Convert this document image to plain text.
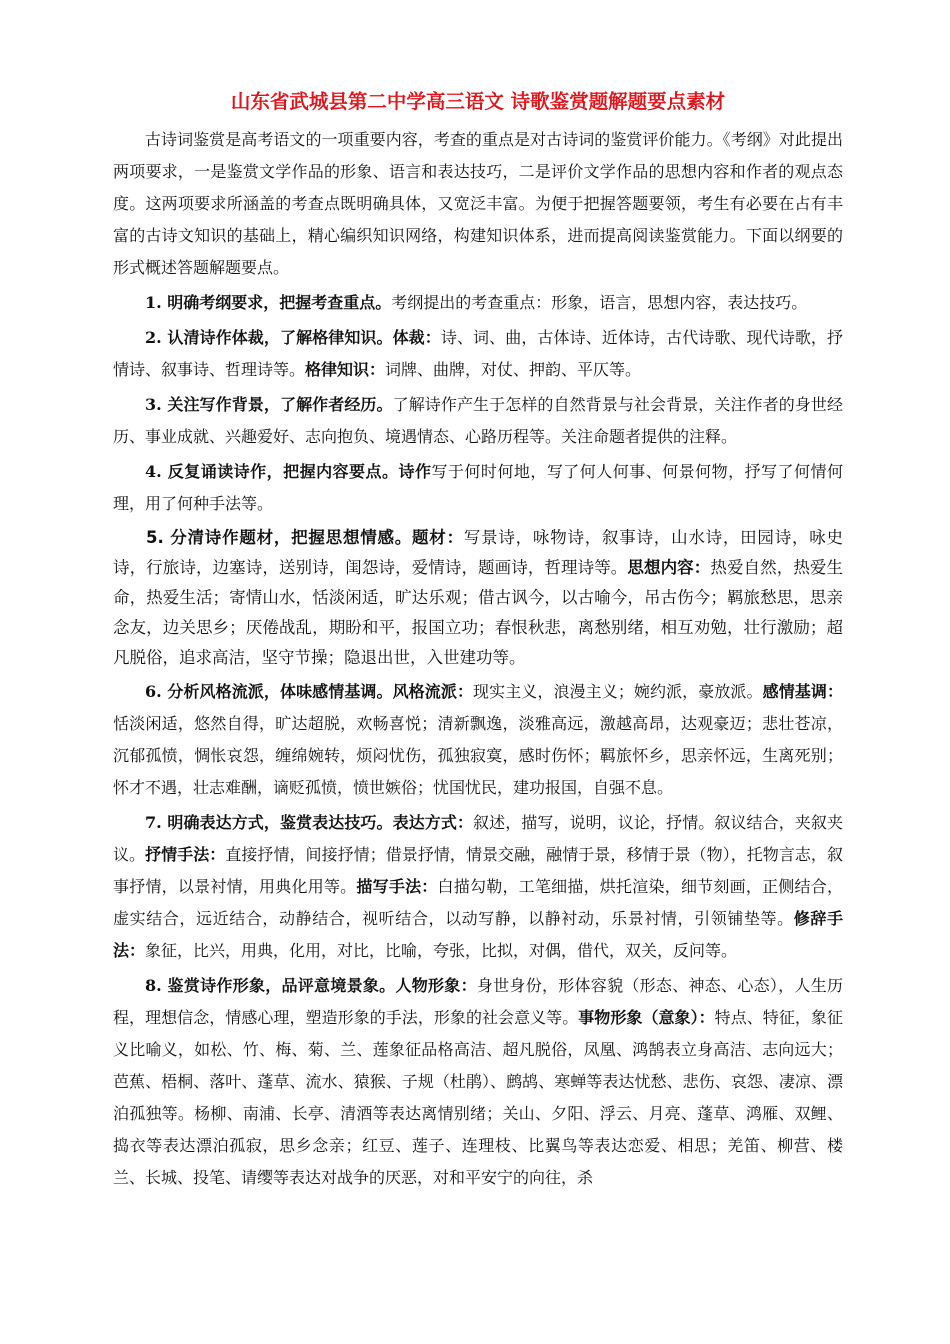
山东省武城县第二中学高三语文 诗歌鉴赏题解题要点素材

古诗词鉴赏是高考语文的一项重要内容，考查的重点是对古诗词的鉴赏评价能力。《考纲》对此提出两项要求，一是鉴赏文学作品的形象、语言和表达技巧，二是评价文学作品的思想内容和作者的观点态度。这两项要求所涵盖的考查点既明确具体，又宽泛丰富。为便于把握答题要领，考生有必要在占有丰富的古诗文知识的基础上，精心编织知识网络，构建知识体系，进而提高阅读鉴赏能力。下面以纲要的形式概述答题解题要点。

1. 明确考纲要求，把握考查重点。考纲提出的考查重点：形象，语言，思想内容，表达技巧。

2. 认清诗作体裁，了解格律知识。体裁：诗、词、曲，古体诗、近体诗，古代诗歌、现代诗歌，抒情诗、叙事诗、哲理诗等。格律知识：词牌、曲牌，对仗、押韵、平仄等。

3. 关注写作背景，了解作者经历。了解诗作产生于怎样的自然背景与社会背景，关注作者的身世经历、事业成就、兴趣爱好、志向抱负、境遇情态、心路历程等。关注命题者提供的注释。

4. 反复诵读诗作，把握内容要点。诗作写于何时何地，写了何人何事、何景何物，抒写了何情何理，用了何种手法等。

5. 分清诗作题材，把握思想情感。题材：写景诗，咏物诗，叙事诗，山水诗，田园诗，咏史诗，行旅诗，边塞诗，送别诗，闺怨诗，爱情诗，题画诗，哲理诗等。思想内容：热爱自然，热爱生命，热爱生活；寄情山水，恬淡闲适，旷达乐观；借古讽今，以古喻今，吊古伤今；羁旅愁思，思亲念友，边关思乡；厌倦战乱，期盼和平，报国立功；春恨秋悲，离愁别绪，相互劝勉，壮行激励；超凡脱俗，追求高洁，坚守节操；隐退出世，入世建功等。

6. 分析风格流派，体味感情基调。风格流派：现实主义，浪漫主义；婉约派，豪放派。感情基调：恬淡闲适，悠然自得，旷达超脱，欢畅喜悦；清新飘逸，淡雅高远，激越高昂，达观豪迈；悲壮苍凉，沉郁孤愤，惆怅哀怨，缠绵婉转，烦闷忧伤，孤独寂寞，感时伤怀；羁旅怀乡，思亲怀远，生离死别；怀才不遇，壮志难酬，谪贬孤愤，愤世嫉俗；忧国忧民，建功报国，自强不息。

7. 明确表达方式，鉴赏表达技巧。表达方式：叙述，描写，说明，议论，抒情。叙议结合，夹叙夹议。抒情手法：直接抒情，间接抒情；借景抒情，情景交融，融情于景，移情于景（物），托物言志，叙事抒情，以景衬情，用典化用等。描写手法：白描勾勒，工笔细描，烘托渲染，细节刻画，正侧结合，虚实结合，远近结合，动静结合，视听结合，以动写静，以静衬动，乐景衬情，引领铺垫等。修辞手法：象征，比兴，用典，化用，对比，比喻，夸张，比拟，对偶，借代，双关，反问等。

8. 鉴赏诗作形象，品评意境景象。人物形象：身世身份，形体容貌（形态、神态、心态），人生历程，理想信念，情感心理，塑造形象的手法，形象的社会意义等。事物形象（意象）：特点、特征，象征义比喻义，如松、竹、梅、菊、兰、莲象征品格高洁、超凡脱俗，凤凰、鸿鹄表立身高洁、志向远大；芭蕉、梧桐、落叶、蓬草、流水、猿猴、子规（杜鹃）、鹧鸪、寒蝉等表达忧愁、悲伤、哀怨、凄凉、漂泊孤独等。杨柳、南浦、长亭、清酒等表达离情别绪；关山、夕阳、浮云、月亮、蓬草、鸿雁、双鲤、捣衣等表达漂泊孤寂，思乡念亲；红豆、莲子、连理枝、比翼鸟等表达恋爱、相思；羌笛、柳营、楼兰、长城、投笔、请缨等表达对战争的厌恶，对和平安宁的向往，杀
